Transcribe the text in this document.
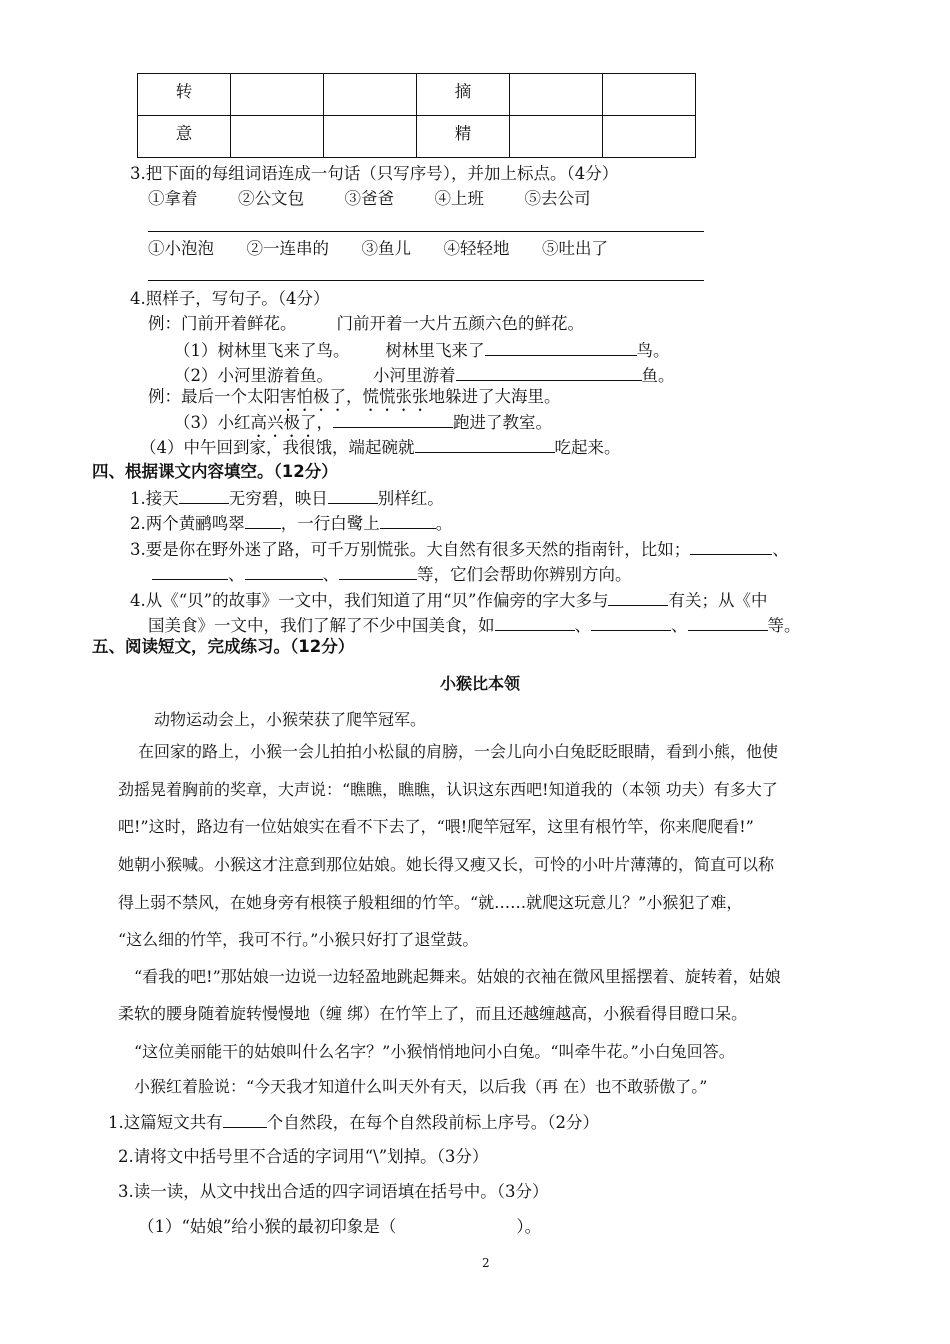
转			摘		
意			精		
3.把下面的每组词语连成一句话（只写序号），并加上标点。（4分）
①拿着 ②公文包 ③爸爸 ④上班 ⑤去公司
①小泡泡 ②一连串的 ③鱼儿 ④轻轻地 ⑤吐出了
4.照样子，写句子。（4分）
例：门前开着鲜花。 门前开着一大片五颜六色的鲜花。
（1）树林里飞来了鸟。 树林里飞来了	鸟。
（2）小河里游着鱼。 小河里游着	鱼。
例：最后一个太阳害怕极了，慌慌张张地躲进了大海里。
（3）小红高兴极了，	跑进了教室。
（4）中午回到家，我很饿，端起碗就	吃起来。
四、根据课文内容填空。（12分）
1.接天	无穷碧，映日	别样红。
2.两个黄鹂鸣翠 ，一行白鹭上	。
3.要是你在野外迷了路，可千万别慌张。大自然有很多天然的指南针，比如；	、
、	、	等，它们会帮助你辨别方向。
4.从《“贝”的故事》一文中，我们知道了用“贝”作偏旁的字大多与	有关；从《中
国美食》一文中，我们了解了不少中国美食，如	、	、	等。
五、阅读短文，完成练习。（12分）
小猴比本领
动物运动会上，小猴荣获了爬竿冠军。
在回家的路上，小猴一会儿拍拍小松鼠的肩膀，一会儿向小白兔眨眨眼睛，看到小熊，他使
劲摇晃着胸前的奖章，大声说：“瞧瞧，瞧瞧，认识这东西吧!知道我的（本领 功夫）有多大了
吧!”这时，路边有一位姑娘实在看不下去了，“喂!爬竿冠军，这里有根竹竿，你来爬爬看!”
她朝小猴喊。小猴这才注意到那位姑娘。她长得又瘦又长，可怜的小叶片薄薄的，简直可以称
得上弱不禁风，在她身旁有根筷子般粗细的竹竿。“就……就爬这玩意儿？”小猴犯了难，
“这么细的竹竿，我可不行。”小猴只好打了退堂鼓。
“看我的吧!”那姑娘一边说一边轻盈地跳起舞来。姑娘的衣袖在微风里摇摆着、旋转着，姑娘
柔软的腰身随着旋转慢慢地（缠 绑）在竹竿上了，而且还越缠越高，小猴看得目瞪口呆。
“这位美丽能干的姑娘叫什么名字？”小猴悄悄地问小白兔。“叫牵牛花。”小白兔回答。
小猴红着脸说：“今天我才知道什么叫天外有天，以后我（再 在）也不敢骄傲了。”
1.这篇短文共有	个自然段，在每个自然段前标上序号。（2分）
2.请将文中括号里不合适的字词用“\”划掉。（3分）
3.读一读，从文中找出合适的四字词语填在括号中。（3分）
（1）“姑娘”给小猴的最初印象是（	）。
2
